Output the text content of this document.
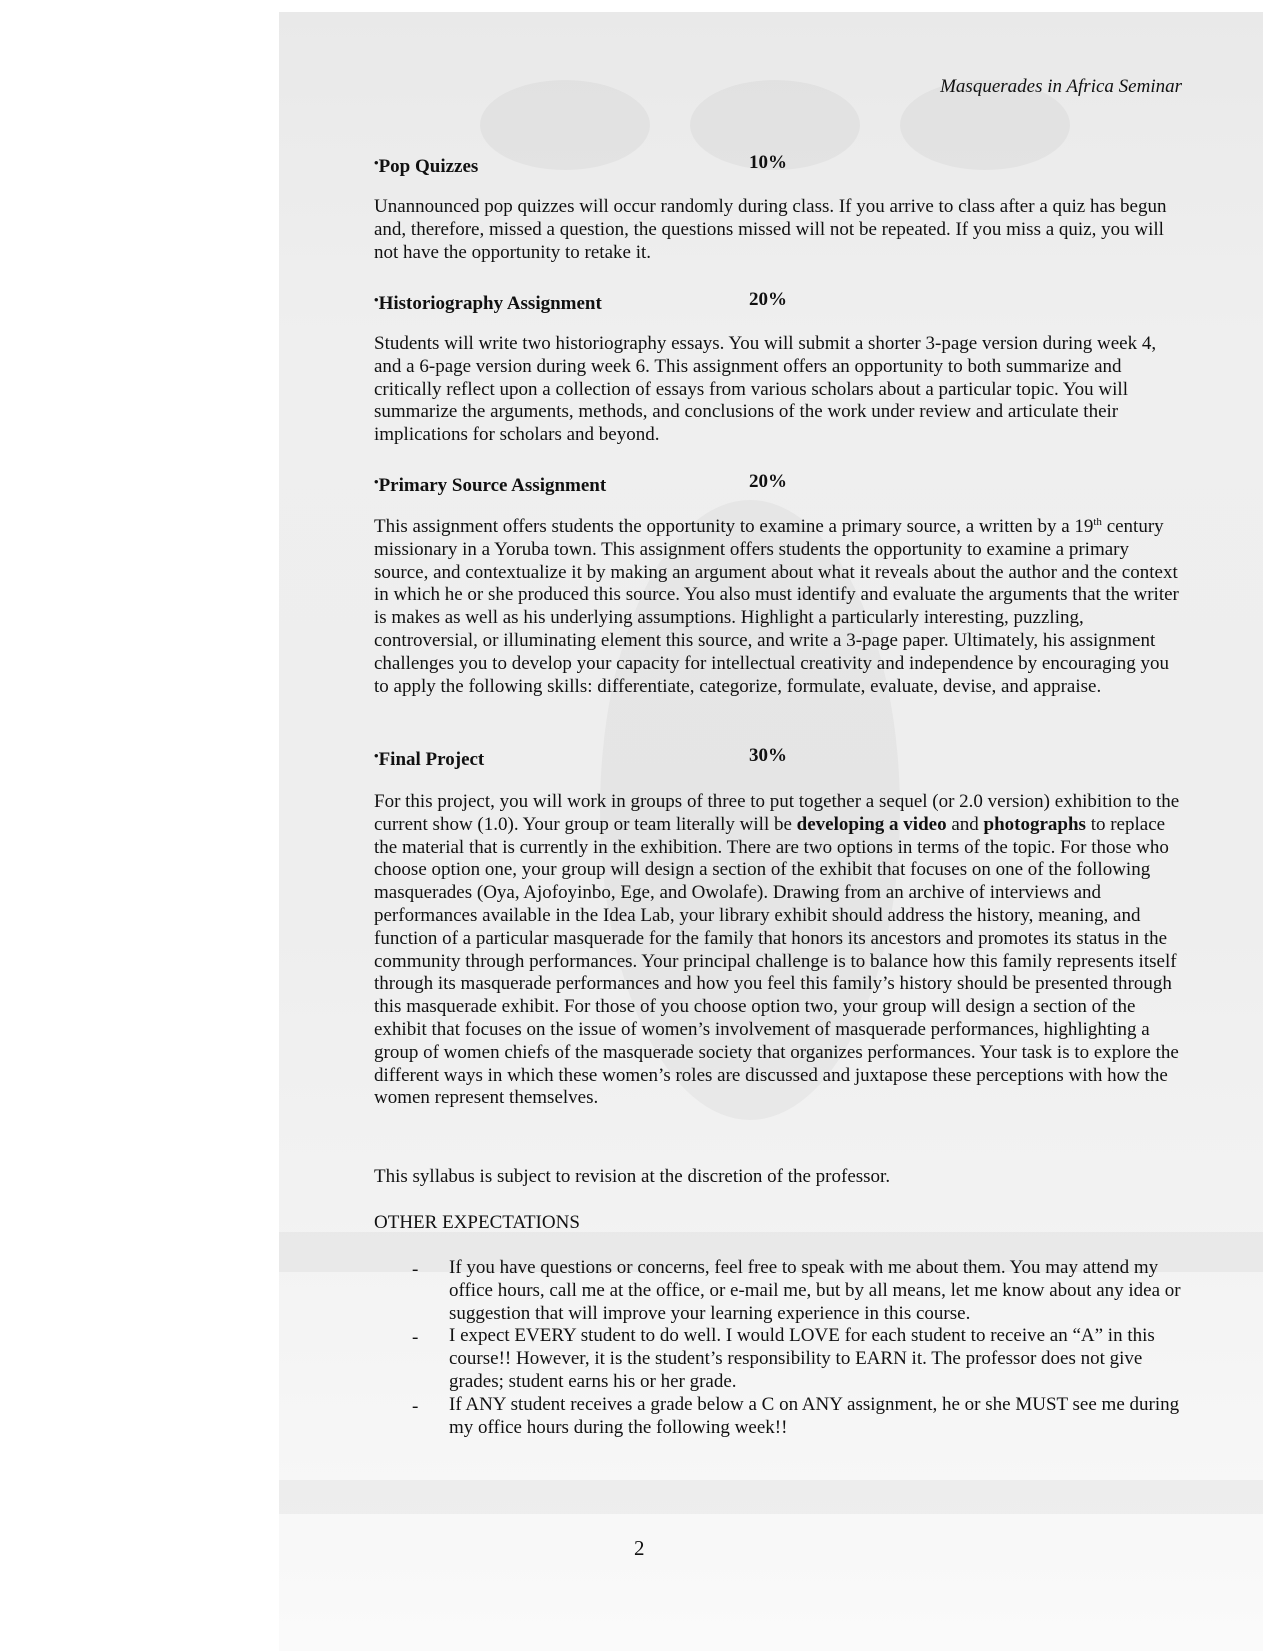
Masquerades in Africa Seminar
•Pop Quizzes	10%

Unannounced pop quizzes will occur randomly during class. If you arrive to class after a quiz has begun and, therefore, missed a question, the questions missed will not be repeated. If you miss a quiz, you will not have the opportunity to retake it.

•Historiography Assignment	20%

Students will write two historiography essays. You will submit a shorter 3-page version during week 4, and a 6-page version during week 6. This assignment offers an opportunity to both summarize and critically reflect upon a collection of essays from various scholars about a particular topic. You will summarize the arguments, methods, and conclusions of the work under review and articulate their implications for scholars and beyond.

•Primary Source Assignment	20%

This assignment offers students the opportunity to examine a primary source, a written by a 19th century missionary in a Yoruba town. This assignment offers students the opportunity to examine a primary source, and contextualize it by making an argument about what it reveals about the author and the context in which he or she produced this source. You also must identify and evaluate the arguments that the writer is makes as well as his underlying assumptions. Highlight a particularly interesting, puzzling, controversial, or illuminating element this source, and write a 3-page paper. Ultimately, his assignment challenges you to develop your capacity for intellectual creativity and independence by encouraging you to apply the following skills: differentiate, categorize, formulate, evaluate, devise, and appraise.

•Final Project	30%

For this project, you will work in groups of three to put together a sequel (or 2.0 version) exhibition to the current show (1.0). Your group or team literally will be developing a video and photographs to replace the material that is currently in the exhibition. There are two options in terms of the topic. For those who choose option one, your group will design a section of the exhibit that focuses on one of the following masquerades (Oya, Ajofoyinbo, Ege, and Owolafe). Drawing from an archive of interviews and performances available in the Idea Lab, your library exhibit should address the history, meaning, and function of a particular masquerade for the family that honors its ancestors and promotes its status in the community through performances. Your principal challenge is to balance how this family represents itself through its masquerade performances and how you feel this family’s history should be presented through this masquerade exhibit. For those of you choose option two, your group will design a section of the exhibit that focuses on the issue of women’s involvement of masquerade performances, highlighting a group of women chiefs of the masquerade society that organizes performances. Your task is to explore the different ways in which these women’s roles are discussed and juxtapose these perceptions with how the women represent themselves.

This syllabus is subject to revision at the discretion of the professor.

OTHER EXPECTATIONS
- If you have questions or concerns, feel free to speak with me about them. You may attend my office hours, call me at the office, or e-mail me, but by all means, let me know about any idea or suggestion that will improve your learning experience in this course.
- I expect EVERY student to do well. I would LOVE for each student to receive an “A” in this course!! However, it is the student’s responsibility to EARN it. The professor does not give grades; student earns his or her grade.
- If ANY student receives a grade below a C on ANY assignment, he or she MUST see me during my office hours during the following week!!
2
